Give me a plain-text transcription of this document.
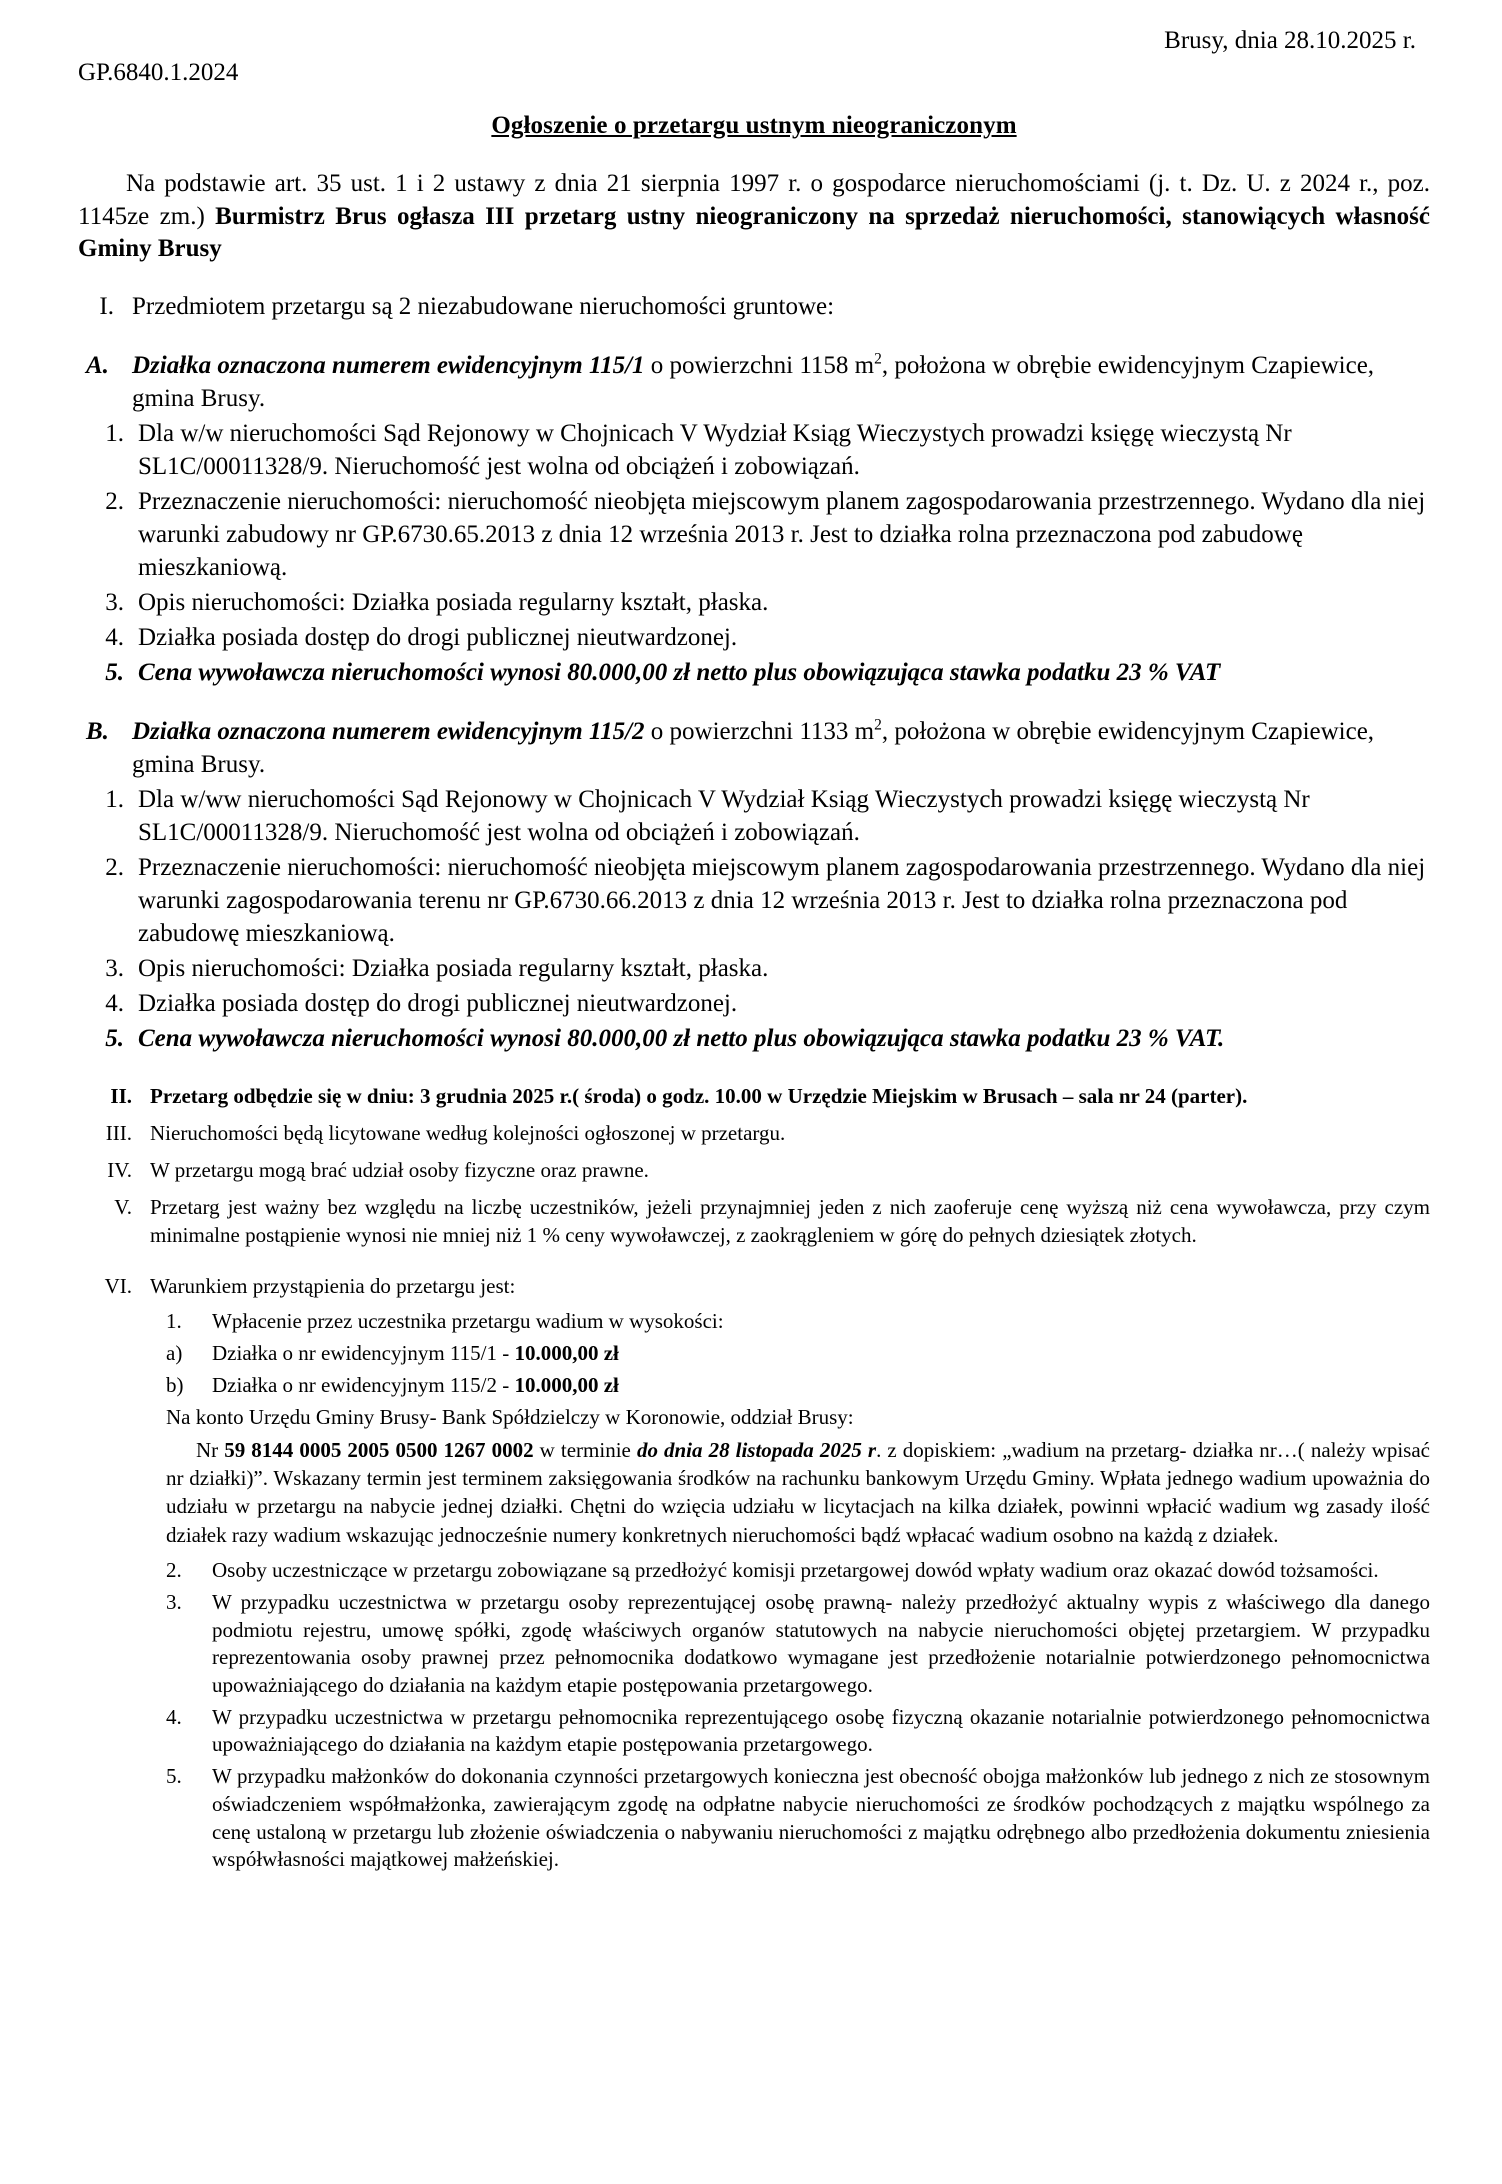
Brusy, dnia 28.10.2025 r.
GP.6840.1.2024
Ogłoszenie o przetargu ustnym nieograniczonym

Na podstawie art. 35 ust. 1 i 2 ustawy z dnia 21 sierpnia 1997 r. o gospodarce nieruchomościami (j. t. Dz. U. z 2024 r., poz. 1145ze zm.) Burmistrz Brus ogłasza III przetarg ustny nieograniczony na sprzedaż nieruchomości, stanowiących własność Gminy Brusy

I. Przedmiotem przetargu są 2 niezabudowane nieruchomości gruntowe:
A. Działka oznaczona numerem ewidencyjnym 115/1 o powierzchni 1158 $m^2$, położona w obrębie ewidencyjnym Czapiewice, gmina Brusy.
1. Dla w/w nieruchomości Sąd Rejonowy w Chojnicach V Wydział Ksiąg Wieczystych prowadzi księgę wieczystą Nr SL1C/00011328/9. Nieruchomość jest wolna od obciążeń i zobowiązań.
2. Przeznaczenie nieruchomości: nieruchomość nieobjęta miejscowym planem zagospodarowania przestrzennego. Wydano dla niej warunki zabudowy nr GP.6730.65.2013 z dnia 12 września 2013 r. Jest to działka rolna przeznaczona pod zabudowę mieszkaniową.
3. Opis nieruchomości: Działka posiada regularny kształt, płaska.
4. Działka posiada dostęp do drogi publicznej nieutwardzonej.
5. Cena wywoławcza nieruchomości wynosi 80.000,00 zł netto plus obowiązująca stawka podatku 23 % VAT
B. Działka oznaczona numerem ewidencyjnym 115/2 o powierzchni 1133 $m^2$, położona w obrębie ewidencyjnym Czapiewice, gmina Brusy.
1. Dla w/ww nieruchomości Sąd Rejonowy w Chojnicach V Wydział Ksiąg Wieczystych prowadzi księgę wieczystą Nr SL1C/00011328/9. Nieruchomość jest wolna od obciążeń i zobowiązań.
2. Przeznaczenie nieruchomości: nieruchomość nieobjęta miejscowym planem zagospodarowania przestrzennego. Wydano dla niej warunki zagospodarowania terenu nr GP.6730.66.2013 z dnia 12 września 2013 r. Jest to działka rolna przeznaczona pod zabudowę mieszkaniową.
3. Opis nieruchomości: Działka posiada regularny kształt, płaska.
4. Działka posiada dostęp do drogi publicznej nieutwardzonej.
5. Cena wywoławcza nieruchomości wynosi 80.000,00 zł netto plus obowiązująca stawka podatku 23 % VAT.
II. Przetarg odbędzie się w dniu: 3 grudnia 2025 r.( środa) o godz. 10.00 w Urzędzie Miejskim w Brusach – sala nr 24 (parter).
III. Nieruchomości będą licytowane według kolejności ogłoszonej w przetargu.
IV. W przetargu mogą brać udział osoby fizyczne oraz prawne.
V. Przetarg jest ważny bez względu na liczbę uczestników, jeżeli przynajmniej jeden z nich zaoferuje cenę wyższą niż cena wywoławcza, przy czym minimalne postąpienie wynosi nie mniej niż 1 % ceny wywoławczej, z zaokrągleniem w górę do pełnych dziesiątek złotych.
VI. Warunkiem przystąpienia do przetargu jest:
1.	Wpłacenie przez uczestnika przetargu wadium w wysokości:
a)	Działka o nr ewidencyjnym 115/1 - 10.000,00 zł
b)	Działka o nr ewidencyjnym 115/2 - 10.000,00 zł
Na konto Urzędu Gminy Brusy- Bank Spółdzielczy w Koronowie, oddział Brusy:
Nr 59 8144 0005 2005 0500 1267 0002 w terminie do dnia 28 listopada 2025 r. z dopiskiem: „wadium na przetarg- działka nr…( należy wpisać nr działki)”. Wskazany termin jest terminem zaksięgowania środków na rachunku bankowym Urzędu Gminy. Wpłata jednego wadium upoważnia do udziału w przetargu na nabycie jednej działki. Chętni do wzięcia udziału w licytacjach na kilka działek, powinni wpłacić wadium wg zasady ilość działek razy wadium wskazując jednocześnie numery konkretnych nieruchomości bądź wpłacać wadium osobno na każdą z działek.
2.	Osoby uczestniczące w przetargu zobowiązane są przedłożyć komisji przetargowej dowód wpłaty wadium oraz okazać dowód tożsamości.
3.	W przypadku uczestnictwa w przetargu osoby reprezentującej osobę prawną- należy przedłożyć aktualny wypis z właściwego dla danego podmiotu rejestru, umowę spółki, zgodę właściwych organów statutowych na nabycie nieruchomości objętej przetargiem. W przypadku reprezentowania osoby prawnej przez pełnomocnika dodatkowo wymagane jest przedłożenie notarialnie potwierdzonego pełnomocnictwa upoważniającego do działania na każdym etapie postępowania przetargowego.
4.	W przypadku uczestnictwa w przetargu pełnomocnika reprezentującego osobę fizyczną okazanie notarialnie potwierdzonego pełnomocnictwa upoważniającego do działania na każdym etapie postępowania przetargowego.
5.	W przypadku małżonków do dokonania czynności przetargowych konieczna jest obecność obojga małżonków lub jednego z nich ze stosownym oświadczeniem współmałżonka, zawierającym zgodę na odpłatne nabycie nieruchomości ze środków pochodzących z majątku wspólnego za cenę ustaloną w przetargu lub złożenie oświadczenia o nabywaniu nieruchomości z majątku odrębnego albo przedłożenia dokumentu zniesienia współwłasności majątkowej małżeńskiej.
